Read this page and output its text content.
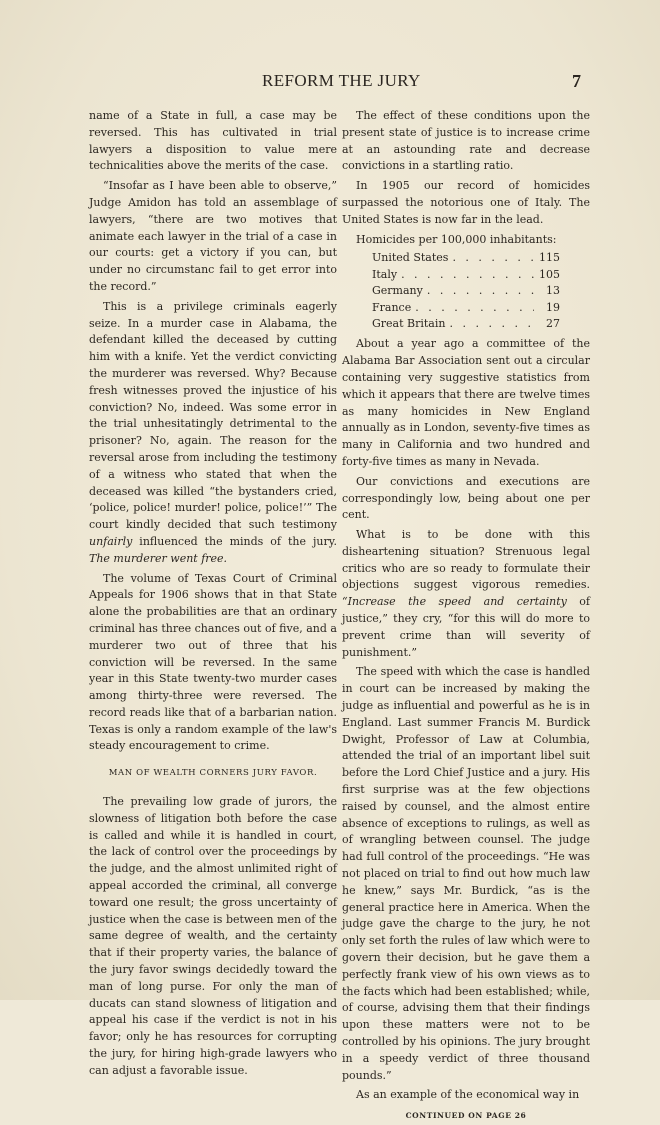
REFORM THE JURY	7

name of a State in full, a case may be reversed. This has cultivated in trial lawyers a disposition to value mere technicalities above the merits of the case.

“Insofar as I have been able to observe,” Judge Amidon has told an assemblage of lawyers, “there are two motives that animate each lawyer in the trial of a case in our courts: get a victory if you can, but under no circumstanc fail to get error into the record.”

This is a privilege criminals eagerly seize. In a murder case in Alabama, the defendant killed the deceased by cutting him with a knife. Yet the verdict convicting the murderer was reversed. Why? Because fresh witnesses proved the injustice of his conviction? No, indeed. Was some error in the trial unhesitatingly detrimental to the prisoner? No, again. The reason for the reversal arose from including the testimony of a witness who stated that when the deceased was killed “the bystanders cried, ‘police, police! murder! police, police!’” The court kindly decided that such testimony unfairly influenced the minds of the jury. The murderer went free.

The volume of Texas Court of Criminal Appeals for 1906 shows that in that State alone the probabilities are that an ordinary criminal has three chances out of five, and a murderer two out of three that his conviction will be reversed. In the same year in this State twenty-two murder cases among thirty-three were reversed. The record reads like that of a barbarian nation. Texas is only a random example of the law's steady encouragement to crime.

MAN OF WEALTH CORNERS JURY FAVOR.

The prevailing low grade of jurors, the slowness of litigation both before the case is called and while it is handled in court, the lack of control over the proceedings by the judge, and the almost unlimited right of appeal accorded the criminal, all converge toward one result; the gross uncertainty of justice when the case is between men of the same degree of wealth, and the certainty that if their property varies, the balance of the jury favor swings decidedly toward the man of long purse. For only the man of ducats can stand slowness of litigation and appeal his case if the verdict is not in his favor; only he has resources for corrupting the jury, for hiring high-grade lawyers who can adjust a favorable issue.

The effect of these conditions upon the present state of justice is to increase crime at an astounding rate and decrease convictions in a startling ratio.

In 1905 our record of homicides surpassed the notorious one of Italy. The United States is now far in the lead.

Homicides per 100,000 inhabitants:
United States . . .	115
Italy . . .	105
Germany . . .	13
France . . .	19
Great Britain . . .	27

About a year ago a committee of the Alabama Bar Association sent out a circular containing very suggestive statistics from which it appears that there are twelve times as many homicides in New England annually as in London, seventy-five times as many in California and two hundred and forty-five times as many in Nevada.

Our convictions and executions are correspondingly low, being about one per cent.

What is to be done with this disheartening situation? Strenuous legal critics who are so ready to formulate their objections suggest vigorous remedies. “Increase the speed and certainty of justice,” they cry, “for this will do more to prevent crime than will severity of punishment.”

The speed with which the case is handled in court can be increased by making the judge as influential and powerful as he is in England. Last summer Francis M. Burdick Dwight, Professor of Law at Columbia, attended the trial of an important libel suit before the Lord Chief Justice and a jury. His first surprise was at the few objections raised by counsel, and the almost entire absence of exceptions to rulings, as well as of wrangling between counsel. The judge had full control of the proceedings. “He was not placed on trial to find out how much law he knew,” says Mr. Burdick, “as is the general practice here in America. When the judge gave the charge to the jury, he not only set forth the rules of law which were to govern their decision, but he gave them a perfectly frank view of his own views as to the facts which had been established; while, of course, advising them that their findings upon these matters were not to be controlled by his opinions. The jury brought in a speedy verdict of three thousand pounds.”

As an example of the economical way in

CONTINUED ON PAGE 26
